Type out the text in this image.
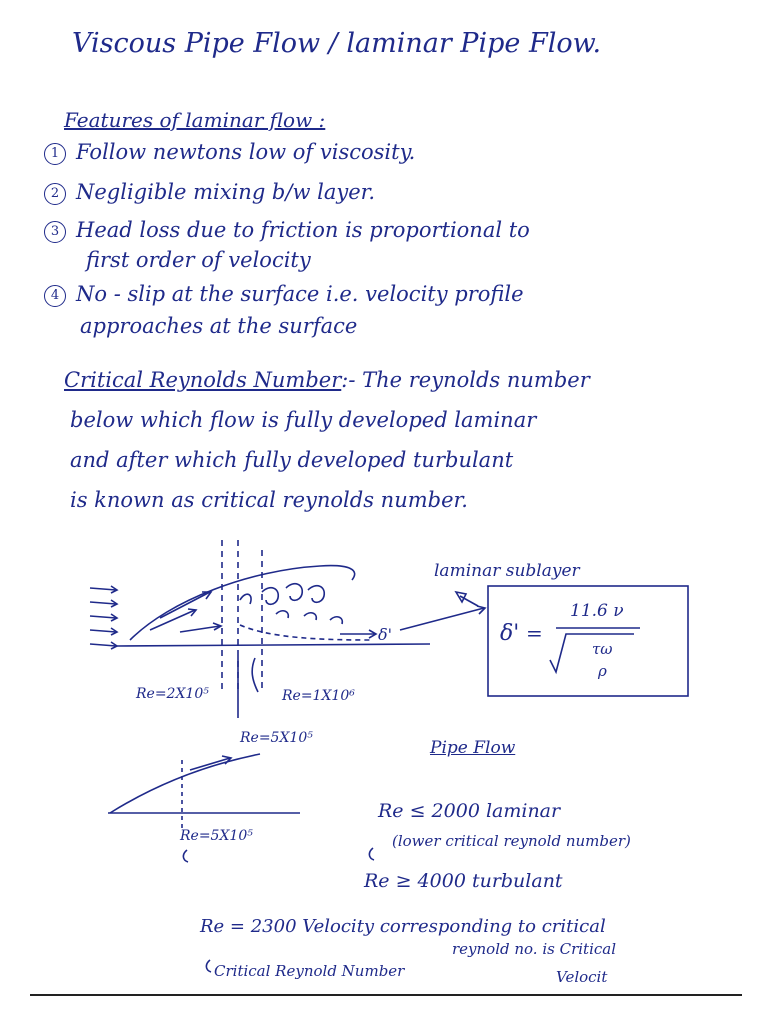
Viscous Pipe Flow / laminar Pipe Flow.
Features of laminar flow :
1 Follow newtons low of viscosity.
2 Negligible mixing b/w layer.
3 Head loss due to friction is proportional to
first order of velocity
4 No - slip at the surface i.e. velocity profile
approaches at the surface
Critical Reynolds Number:- The reynolds number
below which flow is fully developed laminar
and after which fully developed turbulant
is known as critical reynolds number.
Re=2X10⁵	Re=1X10⁶
Re=5X10⁵
δ'
laminar sublayer
δ' =
11.6 ν
τω
ρ
Re=5X10⁵
Pipe Flow
Re ≤ 2000 laminar
(lower critical reynold number)
Re ≥ 4000 turbulant
Re = 2300 Velocity corresponding to critical
reynold no. is Critical
Critical Reynold Number	Velocit
